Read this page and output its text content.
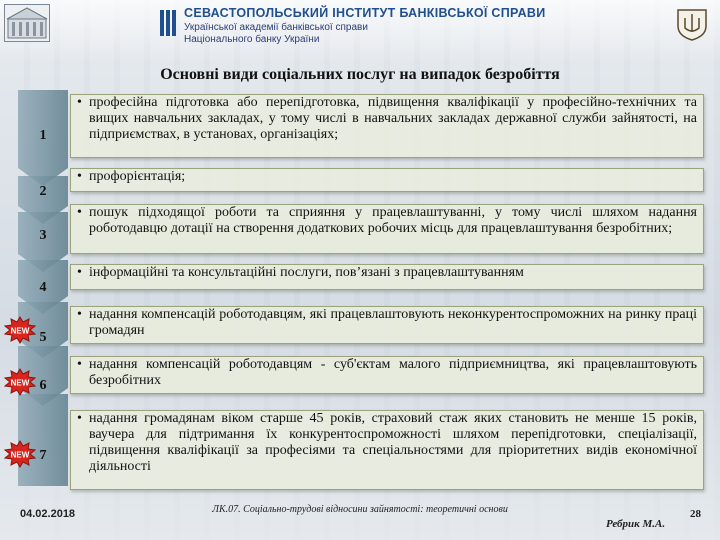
СЕВАСТОПОЛЬСЬКИЙ ІНСТИТУТ БАНКІВСЬКОЇ СПРАВИ
Української академії банківської справи
Національного банку України
Основні види соціальних послуг на випадок безробіття
1
2
3
4
5
6
7
NEW
NEW
NEW
• професійна підготовка або перепідготовка, підвищення кваліфікації у професійно-технічних та вищих навчальних закладах, у тому числі в навчальних закладах державної служби зайнятості, на підприємствах, в установах, організаціях;
• профорієнтація;
• пошук підходящої роботи та сприяння у працевлаштуванні, у тому числі шляхом надання роботодавцю дотації на створення додаткових робочих місць для працевлаштування безробітних;
• інформаційні та консультаційні послуги, пов’язані з працевлаштуванням
• надання компенсацій роботодавцям, які працевлаштовують неконкурентоспроможних на ринку праці громадян
• надання компенсацій роботодавцям - суб'єктам малого підприємництва, які працевлаштовують безробітних
• надання громадянам віком старше 45 років, страховий стаж яких становить не менше 15 років, ваучера для підтримання їх конкурентоспроможності шляхом перепідготовки, спеціалізації, підвищення кваліфікації за професіями та спеціальностями для пріоритетних видів економічної діяльності
04.02.2018	ЛК.07. Соціально-трудові відносини зайнятості: теоретичні основи
Ребрик М.А.
28
